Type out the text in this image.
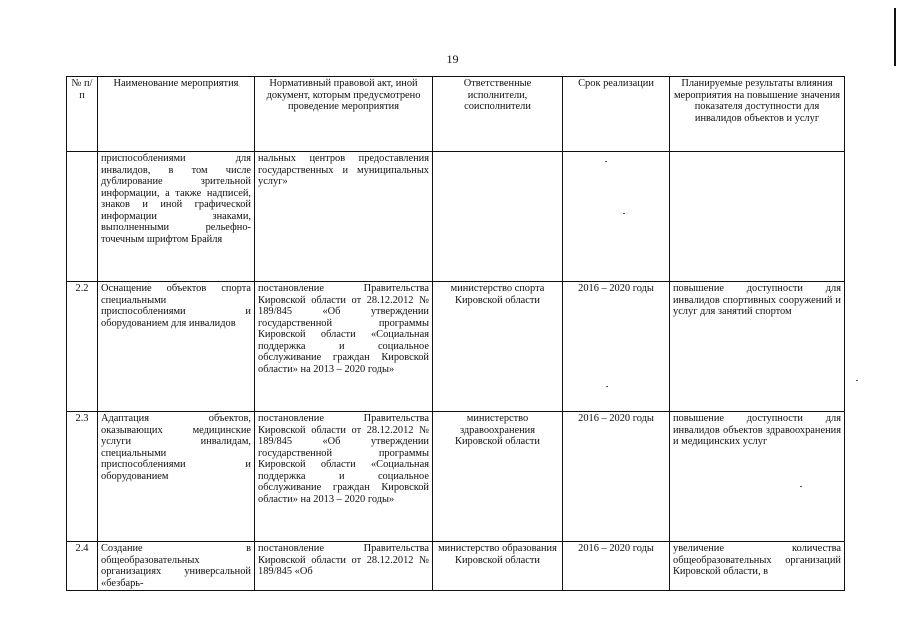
19
№ п/п	Наименование мероприятия	Нормативный правовой акт, иной документ, которым предусмотрено проведение мероприятия	Ответственные исполнители, соисполнители	Срок реализации	Планируемые результаты влияния мероприятия на повышение значения показателя доступности для инвалидов объектов и услуг
	приспособлениями для инвалидов, в том числе дублирование зрительной информации, а также надписей, знаков и иной графической информации знаками, выполненными рельефно-точечным шрифтом Брайля	нальных центров предоставления государственных и муниципальных услуг»			
2.2	Оснащение объектов спорта специальными приспособлениями и оборудованием для инвалидов	постановление Правительства Кировской области от 28.12.2012 № 189/845 «Об утверждении государственной программы Кировской области «Социальная поддержка и социальное обслуживание граждан Кировской области» на 2013 – 2020 годы»	министерство спорта Кировской области	2016 – 2020 годы	повышение доступности для инвалидов спортивных сооружений и услуг для занятий спортом
2.3	Адаптация объектов, оказывающих медицинские услуги инвалидам, специальными приспособлениями и оборудованием	постановление Правительства Кировской области от 28.12.2012 № 189/845 «Об утверждении государственной программы Кировской области «Социальная поддержка и социальное обслуживание граждан Кировской области» на 2013 – 2020 годы»	министерство здравоохранения Кировской области	2016 – 2020 годы	повышение доступности для инвалидов объектов здравоохранения и медицинских услуг
2.4	Создание в общеобразовательных организациях универсальной «безбарь-	постановление Правительства Кировской области от 28.12.2012 № 189/845 «Об	министерство образования Кировской области	2016 – 2020 годы	увеличение количества общеобразовательных организаций Кировской области, в
